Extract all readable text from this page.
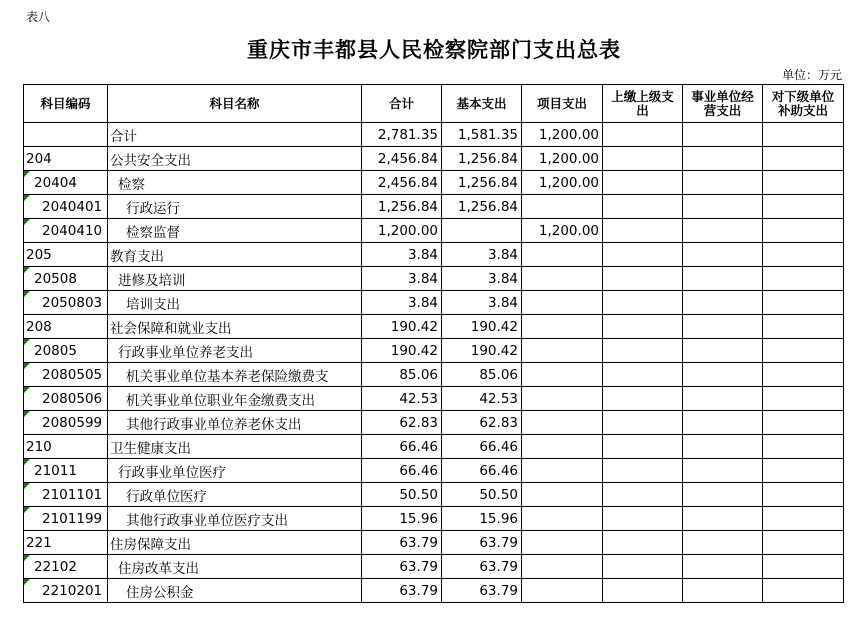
表八
重庆市丰都县人民检察院部门支出总表
单位：万元
科目编码	科目名称	合计	基本支出	项目支出	上缴上级支出	事业单位经营支出	对下级单位补助支出
	合计	2,781.35	1,581.35	1,200.00			
204	公共安全支出	2,456.84	1,256.84	1,200.00			
20404	检察	2,456.84	1,256.84	1,200.00			
2040401	行政运行	1,256.84	1,256.84				
2040410	检察监督	1,200.00		1,200.00			
205	教育支出	3.84	3.84				
20508	进修及培训	3.84	3.84				
2050803	培训支出	3.84	3.84				
208	社会保障和就业支出	190.42	190.42				
20805	行政事业单位养老支出	190.42	190.42				
2080505	机关事业单位基本养老保险缴费支	85.06	85.06				
2080506	机关事业单位职业年金缴费支出	42.53	42.53				
2080599	其他行政事业单位养老休支出	62.83	62.83				
210	卫生健康支出	66.46	66.46				
21011	行政事业单位医疗	66.46	66.46				
2101101	行政单位医疗	50.50	50.50				
2101199	其他行政事业单位医疗支出	15.96	15.96				
221	住房保障支出	63.79	63.79				
22102	住房改革支出	63.79	63.79				
2210201	住房公积金	63.79	63.79				
